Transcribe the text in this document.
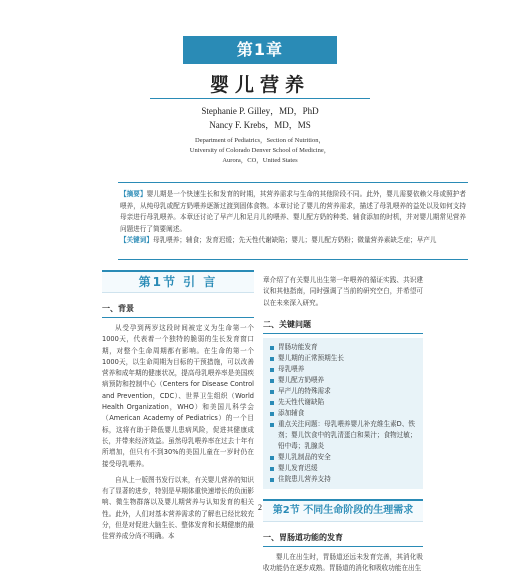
第1章
婴儿营养
Stephanie P. Gilley，MD，PhD
Nancy F. Krebs，MD，MS
Department of Pediatrics，Section of Nutrition，
University of Colorado Denver School of Medicine，
Aurora，CO，United States
【摘要】婴儿期是一个快速生长和发育的时期，其营养需求与生命的其他阶段不同。此外，婴儿需要依赖父母或照护者喂养，从纯母乳或配方奶喂养逐渐过渡到固体食物。本章讨论了婴儿的营养需求，描述了母乳喂养的益处以及如何支持母亲进行母乳喂养。本章还讨论了早产儿和足月儿的喂养、婴儿配方奶的种类、辅食添加的时机，并对婴儿期常见营养问题进行了简要阐述。
【关键词】母乳喂养；辅食；发育迟缓；先天性代谢缺陷；婴儿；婴儿配方奶粉；微量营养素缺乏症；早产儿
第1节 引 言
一、背景
从受孕到两岁这段时间被定义为生命第一个1000天，代表着一个独特的脆弱的生长发育窗口期，对整个生命周期都有影响。在生命的第一个1000天，以生命周期为目标的干预措施，可以改善营养和成年期的健康状况，提高母乳喂养率是美国疾病预防和控制中心（Centers for Disease Control and Prevention，CDC）、世界卫生组织（World Health Organization，WHO）和美国儿科学会（American Academy of Pediatrics）的一个目标，这将有助于降低婴儿患病风险，促进其健康成长，并带来经济效益。虽然母乳喂养率在过去十年有所增加，但只有不到30%的美国儿童在一岁时仍在接受母乳喂养。
自从上一版图书发行以来，有关婴儿营养的知识有了显著的进步，特别是早期体重快速增长的负面影响、微生物群落以及婴儿期营养与认知发育的相关性。此外，人们对基本营养需求的了解也已经比较充分，但是对促进大脑生长、整体发育和长期健康的最佳营养成分尚不明确。本
章介绍了有关婴儿出生第一年喂养的循证实践、共识建议和其他指南，同时强调了当前的研究空白，并希望可以在未来深入研究。
二、关键问题
胃肠功能发育
婴儿期的正常预期生长
母乳喂养
婴儿配方奶喂养
早产儿的特殊需求
先天性代谢缺陷
添加辅食
重点关注问题：母乳喂养婴儿补充维生素D、铁剂；婴儿饮食中的乳清蛋白和果汁；食物过敏；铅中毒；乳腺炎
婴儿乳制品的安全
婴儿发育迟缓
住院患儿营养支持
第2节 不同生命阶段的生理需求
一、胃肠道功能的发育
婴儿在出生时，胃肠道还远未发育完善，其消化吸收功能仍在逐步成熟。胃肠道的消化和吸收功能在出生
2
